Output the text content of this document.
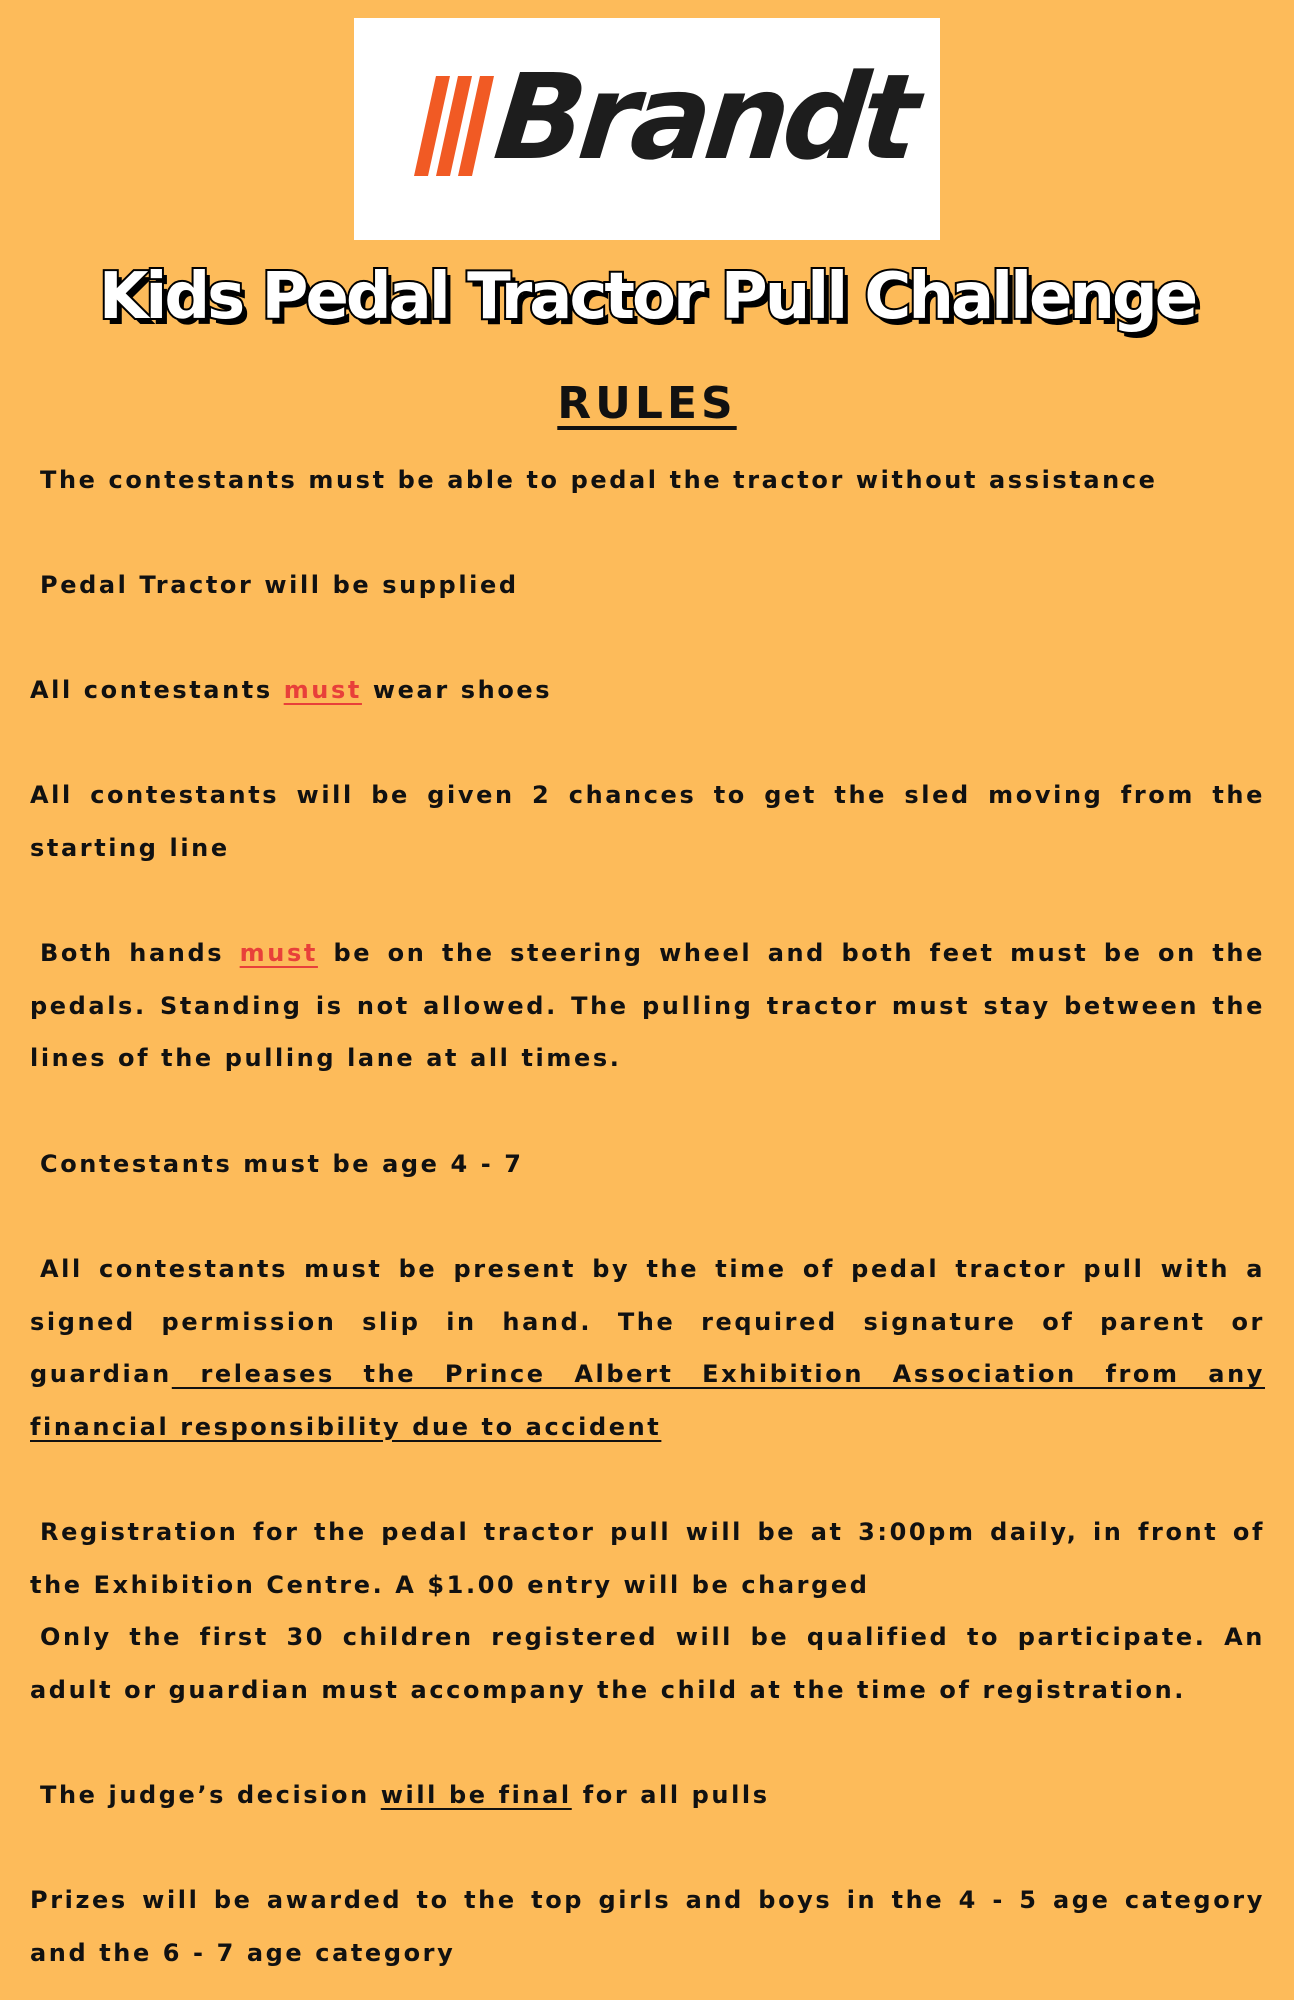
Brandt
Kids Pedal Tractor Pull Challenge
RULES

The contestants must be able to pedal the tractor without assistance

Pedal Tractor will be supplied

All contestants must wear shoes

All contestants will be given 2 chances to get the sled moving from the starting line

Both hands must be on the steering wheel and both feet must be on the pedals. Standing is not allowed. The pulling tractor must stay between the lines of the pulling lane at all times.

Contestants must be age 4 - 7

All contestants must be present by the time of pedal tractor pull with a signed permission slip in hand. The required signature of parent or guardian releases the Prince Albert Exhibition Association from any financial responsibility due to accident

Registration for the pedal tractor pull will be at 3:00pm daily, in front of the Exhibition Centre. A $1.00 entry will be charged
Only the first 30 children registered will be qualified to participate. An adult or guardian must accompany the child at the time of registration.

The judge’s decision will be final for all pulls

Prizes will be awarded to the top girls and boys in the 4 - 5 age category and the 6 - 7 age category
